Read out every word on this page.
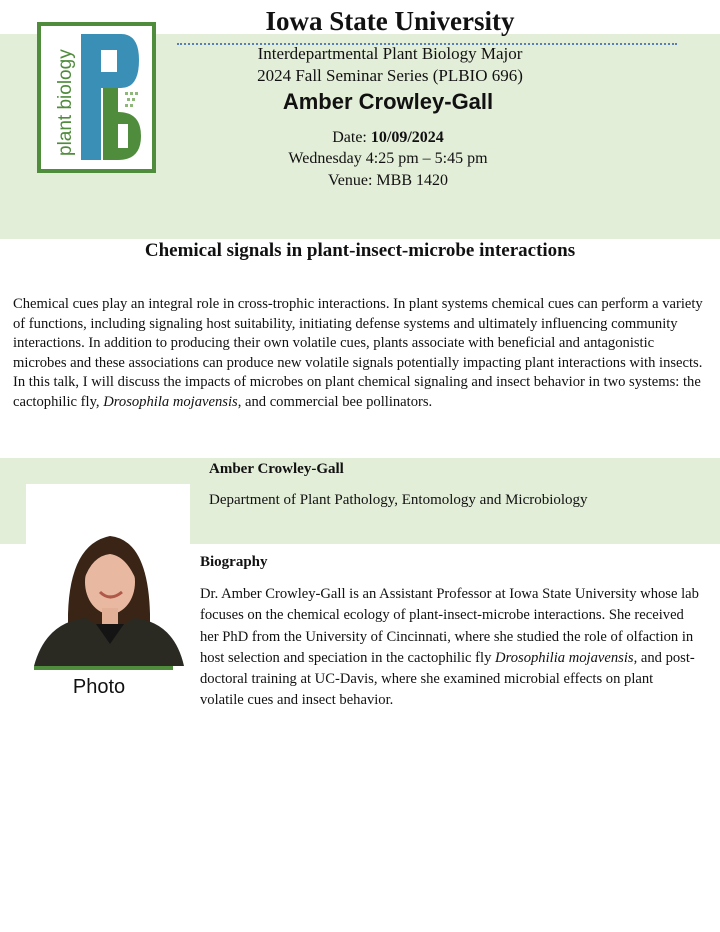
plant biology
Iowa State University
Interdepartmental Plant Biology Major
2024 Fall Seminar Series (PLBIO 696)
Amber Crowley-Gall
Date: 10/09/2024
Wednesday 4:25 pm – 5:45 pm
Venue: MBB 1420
Chemical signals in plant-insect-microbe interactions
Chemical cues play an integral role in cross-trophic interactions. In plant systems chemical cues can perform a variety of functions, including signaling host suitability, initiating defense systems and ultimately influencing community interactions. In addition to producing their own volatile cues, plants associate with beneficial and antagonistic microbes and these associations can produce new volatile signals potentially impacting plant interactions with insects. In this talk, I will discuss the impacts of microbes on plant chemical signaling and insect behavior in two systems: the cactophilic fly, Drosophila mojavensis, and commercial bee pollinators.
Amber Crowley-Gall
Department of Plant Pathology, Entomology and Microbiology
Photo
Biography
Dr. Amber Crowley-Gall is an Assistant Professor at Iowa State University whose lab focuses on the chemical ecology of plant-insect-microbe interactions. She received her PhD from the University of Cincinnati, where she studied the role of olfaction in host selection and speciation in the cactophilic fly Drosophilia mojavensis, and post-doctoral training at UC-Davis, where she examined microbial effects on plant volatile cues and insect behavior.
